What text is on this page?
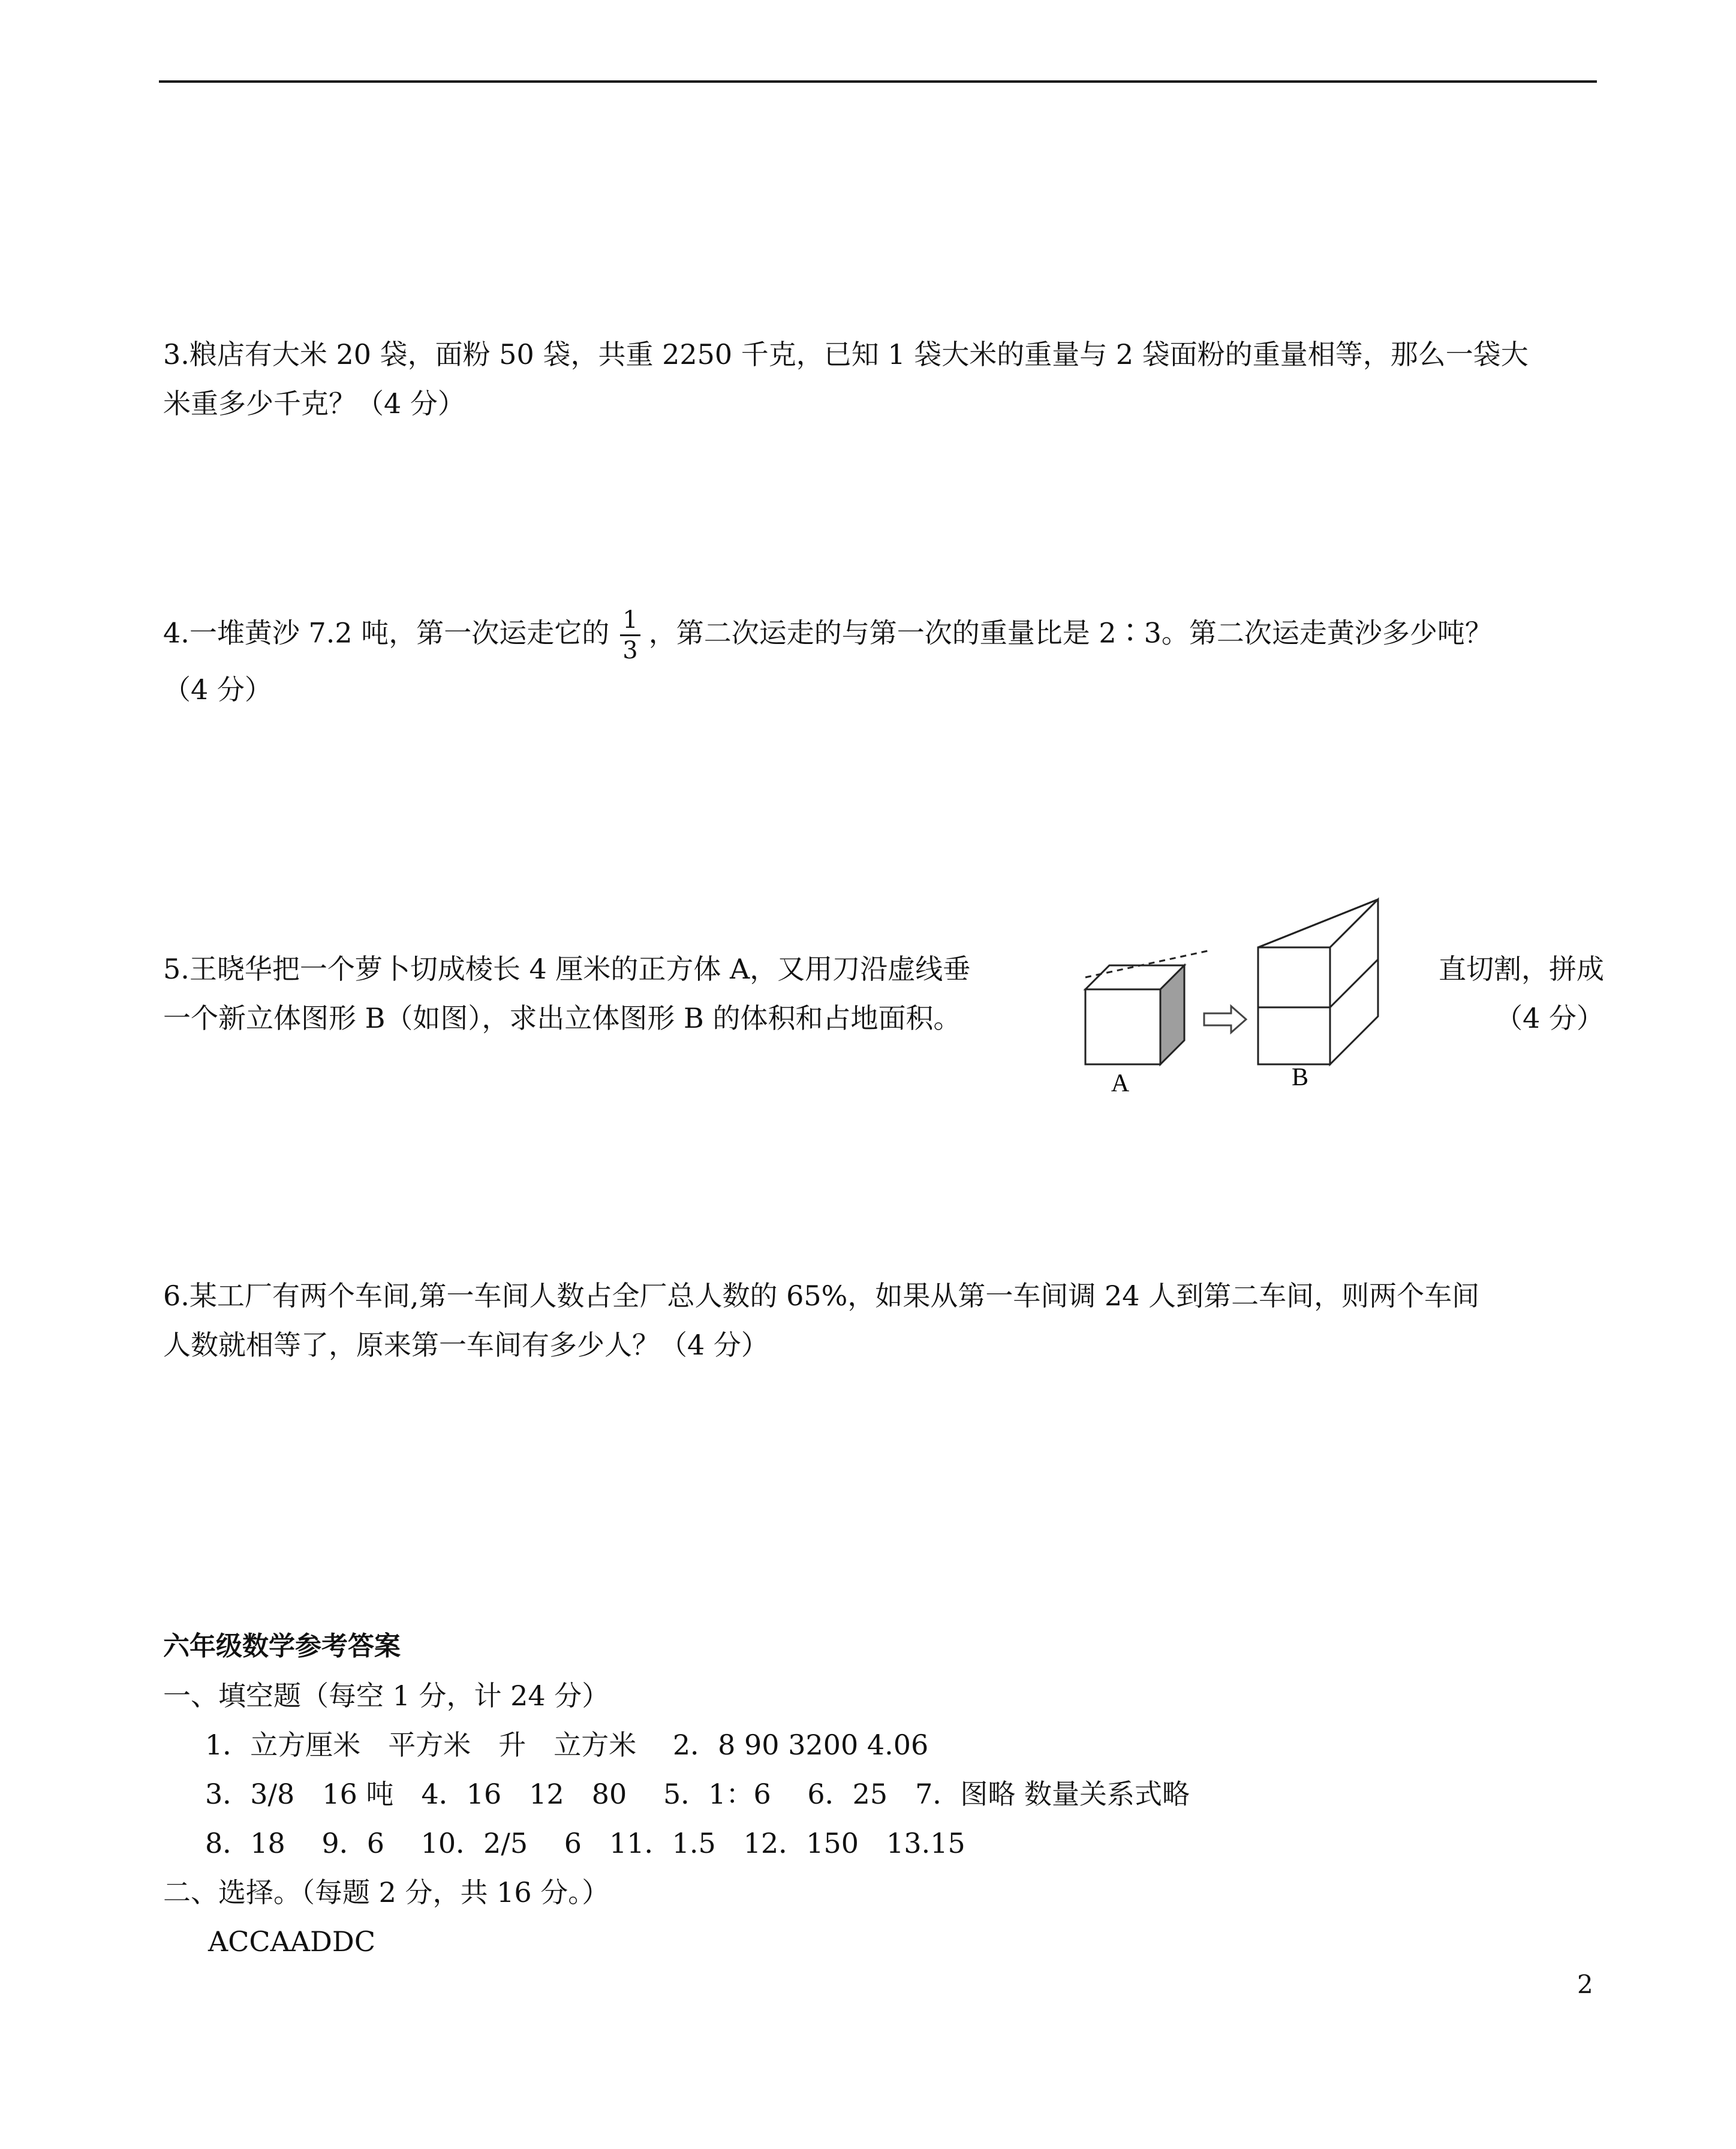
3.粮店有大米 20 袋，面粉 50 袋，共重 2250 千克，已知 1 袋大米的重量与 2 袋面粉的重量相等，那么一袋大

米重多少千克？（4 分）

4.一堆黄沙 7.2 吨，第一次运走它的 $\frac{1}{3}$ ，第二次运走的与第一次的重量比是 2∶3。第二次运走黄沙多少吨？

（4 分）

5.王晓华把一个萝卜切成棱长 4 厘米的正方体 A，又用刀沿虚线垂

一个新立体图形 B（如图），求出立体图形 B 的体积和占地面积。

A	B

直切割，拼成

（4 分）

6.某工厂有两个车间,第一车间人数占全厂总人数的 65%，如果从第一车间调 24 人到第二车间，则两个车间

人数就相等了，原来第一车间有多少人？（4 分）

六年级数学参考答案
一、填空题（每空 1 分，计 24 分）
1．立方厘米　平方米　升　立方米　 2．8 90 3200 4.06
3．3/8　16 吨　4．16　12　80　 5．1：6　 6．25　7．图略 数量关系式略
8．18　 9．6　 10．2/5　 6　11．1.5　12．150　13.15
二、选择。（每题 2 分，共 16 分。）
ACCAADDC
2
